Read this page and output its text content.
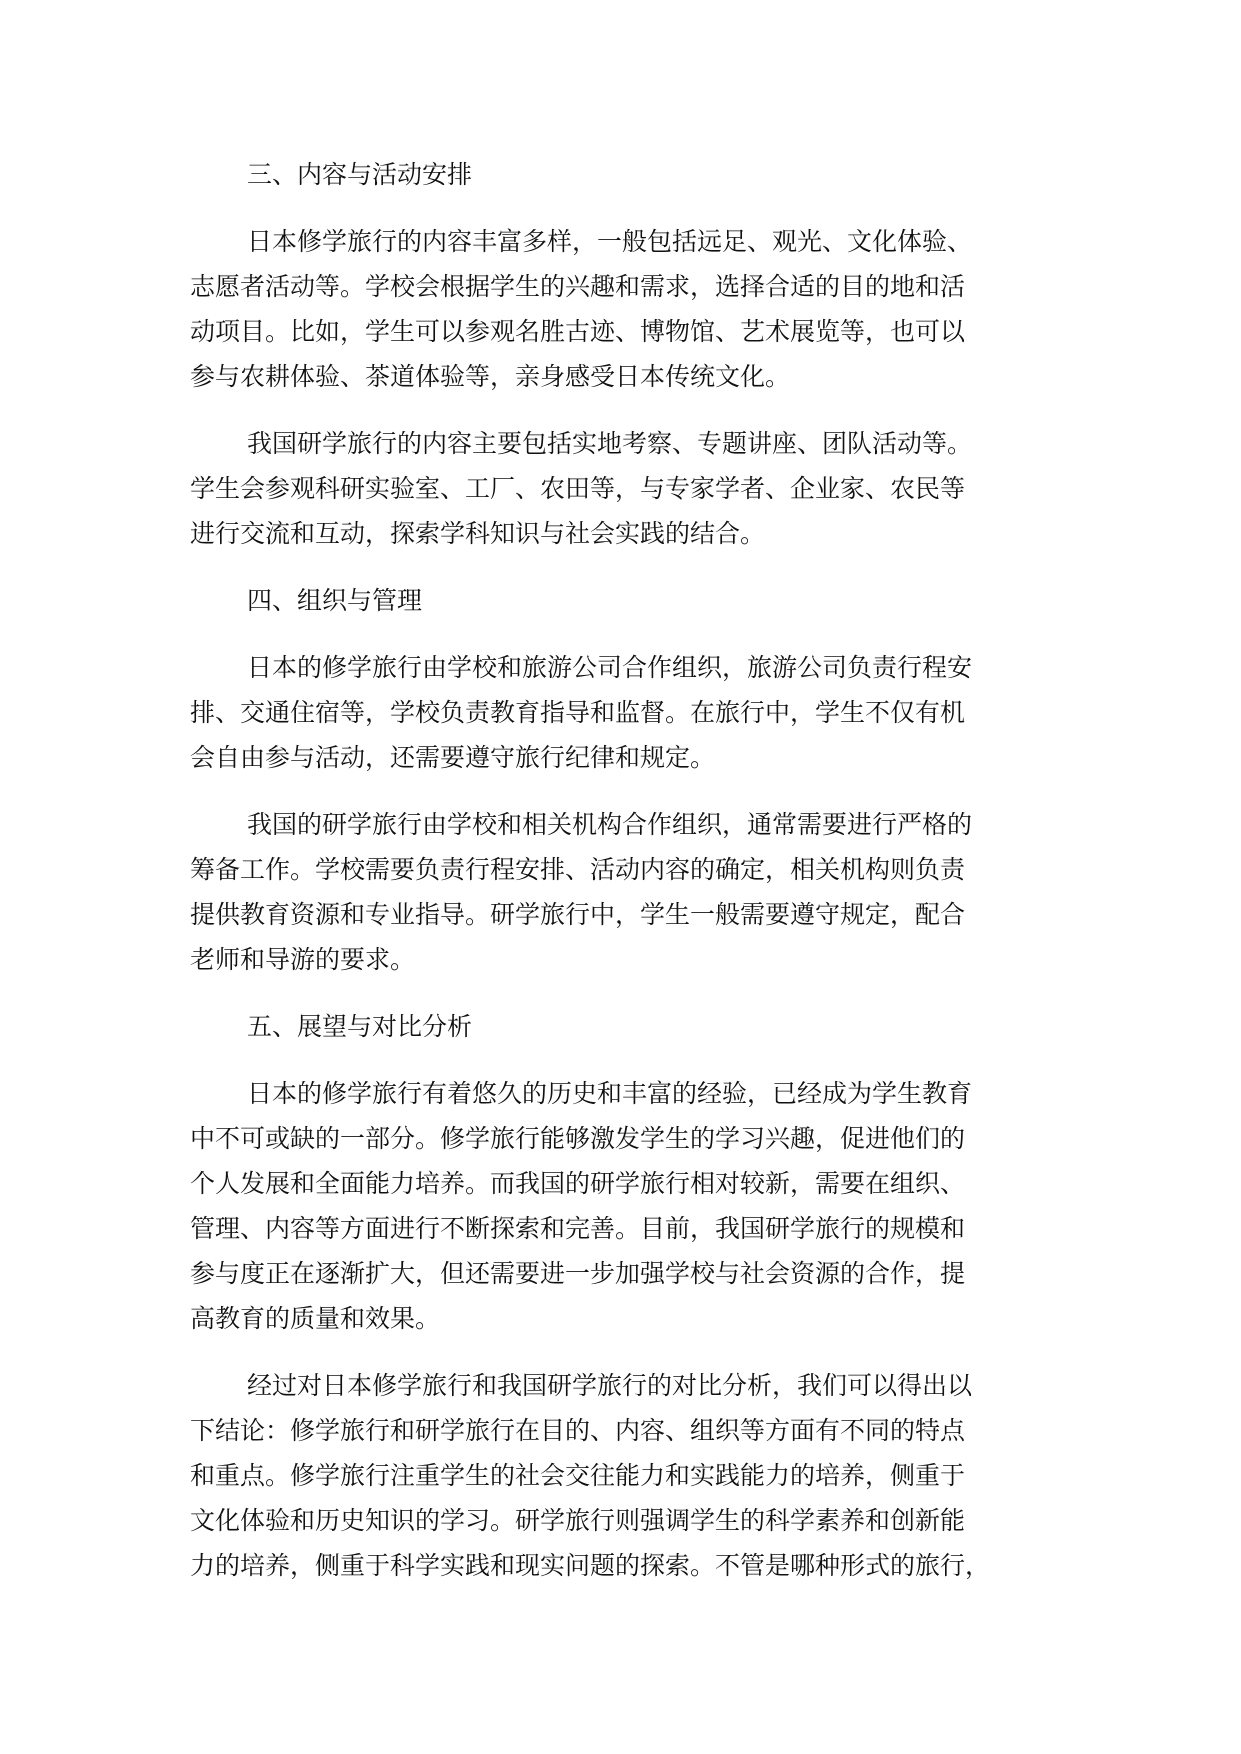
三、内容与活动安排

日本修学旅行的内容丰富多样，一般包括远足、观光、文化体验、
志愿者活动等。学校会根据学生的兴趣和需求，选择合适的目的地和活
动项目。比如，学生可以参观名胜古迹、博物馆、艺术展览等，也可以
参与农耕体验、茶道体验等，亲身感受日本传统文化。

我国研学旅行的内容主要包括实地考察、专题讲座、团队活动等。
学生会参观科研实验室、工厂、农田等，与专家学者、企业家、农民等
进行交流和互动，探索学科知识与社会实践的结合。

四、组织与管理

日本的修学旅行由学校和旅游公司合作组织，旅游公司负责行程安
排、交通住宿等，学校负责教育指导和监督。在旅行中，学生不仅有机
会自由参与活动，还需要遵守旅行纪律和规定。

我国的研学旅行由学校和相关机构合作组织，通常需要进行严格的
筹备工作。学校需要负责行程安排、活动内容的确定，相关机构则负责
提供教育资源和专业指导。研学旅行中，学生一般需要遵守规定，配合
老师和导游的要求。

五、展望与对比分析

日本的修学旅行有着悠久的历史和丰富的经验，已经成为学生教育
中不可或缺的一部分。修学旅行能够激发学生的学习兴趣，促进他们的
个人发展和全面能力培养。而我国的研学旅行相对较新，需要在组织、
管理、内容等方面进行不断探索和完善。目前，我国研学旅行的规模和
参与度正在逐渐扩大，但还需要进一步加强学校与社会资源的合作，提
高教育的质量和效果。

经过对日本修学旅行和我国研学旅行的对比分析，我们可以得出以
下结论：修学旅行和研学旅行在目的、内容、组织等方面有不同的特点
和重点。修学旅行注重学生的社会交往能力和实践能力的培养，侧重于
文化体验和历史知识的学习。研学旅行则强调学生的科学素养和创新能
力的培养，侧重于科学实践和现实问题的探索。不管是哪种形式的旅行，
